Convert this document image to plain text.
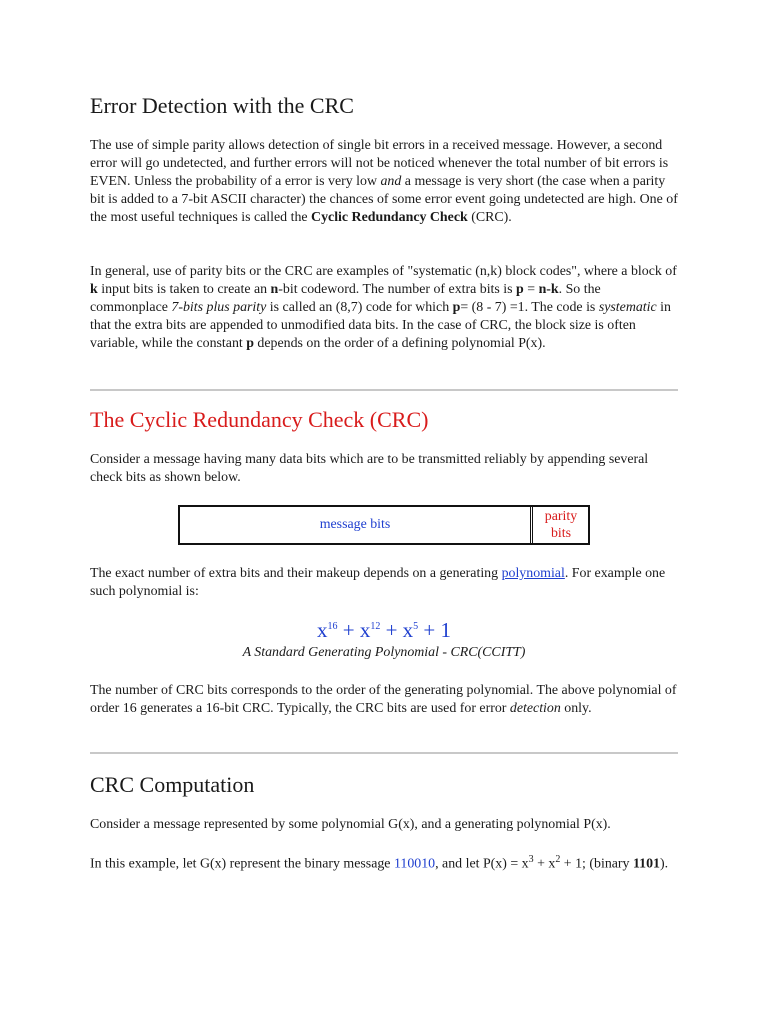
Error Detection with the CRC

The use of simple parity allows detection of single bit errors in a received message. However, a second error will go undetected, and further errors will not be noticed whenever the total number of bit errors is EVEN. Unless the probability of a error is very low and a message is very short (the case when a parity bit is added to a 7-bit ASCII character) the chances of some error event going undetected are high. One of the most useful techniques is called the Cyclic Redundancy Check (CRC).

In general, use of parity bits or the CRC are examples of "systematic (n,k) block codes", where a block of k input bits is taken to create an n-bit codeword. The number of extra bits is p = n-k. So the commonplace 7-bits plus parity is called an (8,7) code for which p= (8 - 7) =1. The code is systematic in that the extra bits are appended to unmodified data bits. In the case of CRC, the block size is often variable, while the constant p depends on the order of a defining polynomial P(x).

The Cyclic Redundancy Check (CRC)

Consider a message having many data bits which are to be transmitted reliably by appending several check bits as shown below.

The exact number of extra bits and their makeup depends on a generating polynomial. For example one such polynomial is:

The number of CRC bits corresponds to the order of the generating polynomial. The above polynomial of order 16 generates a 16-bit CRC. Typically, the CRC bits are used for error detection only.

message bits
parity
bits
$x^{16} + x^{12} + x^5 + 1$
A Standard Generating Polynomial - CRC(CCITT)
CRC Computation

Consider a message represented by some polynomial G(x), and a generating polynomial P(x).

In this example, let G(x) represent the binary message 110010, and let $P(x) = x^3 + x^2 + 1$; (binary 1101).
